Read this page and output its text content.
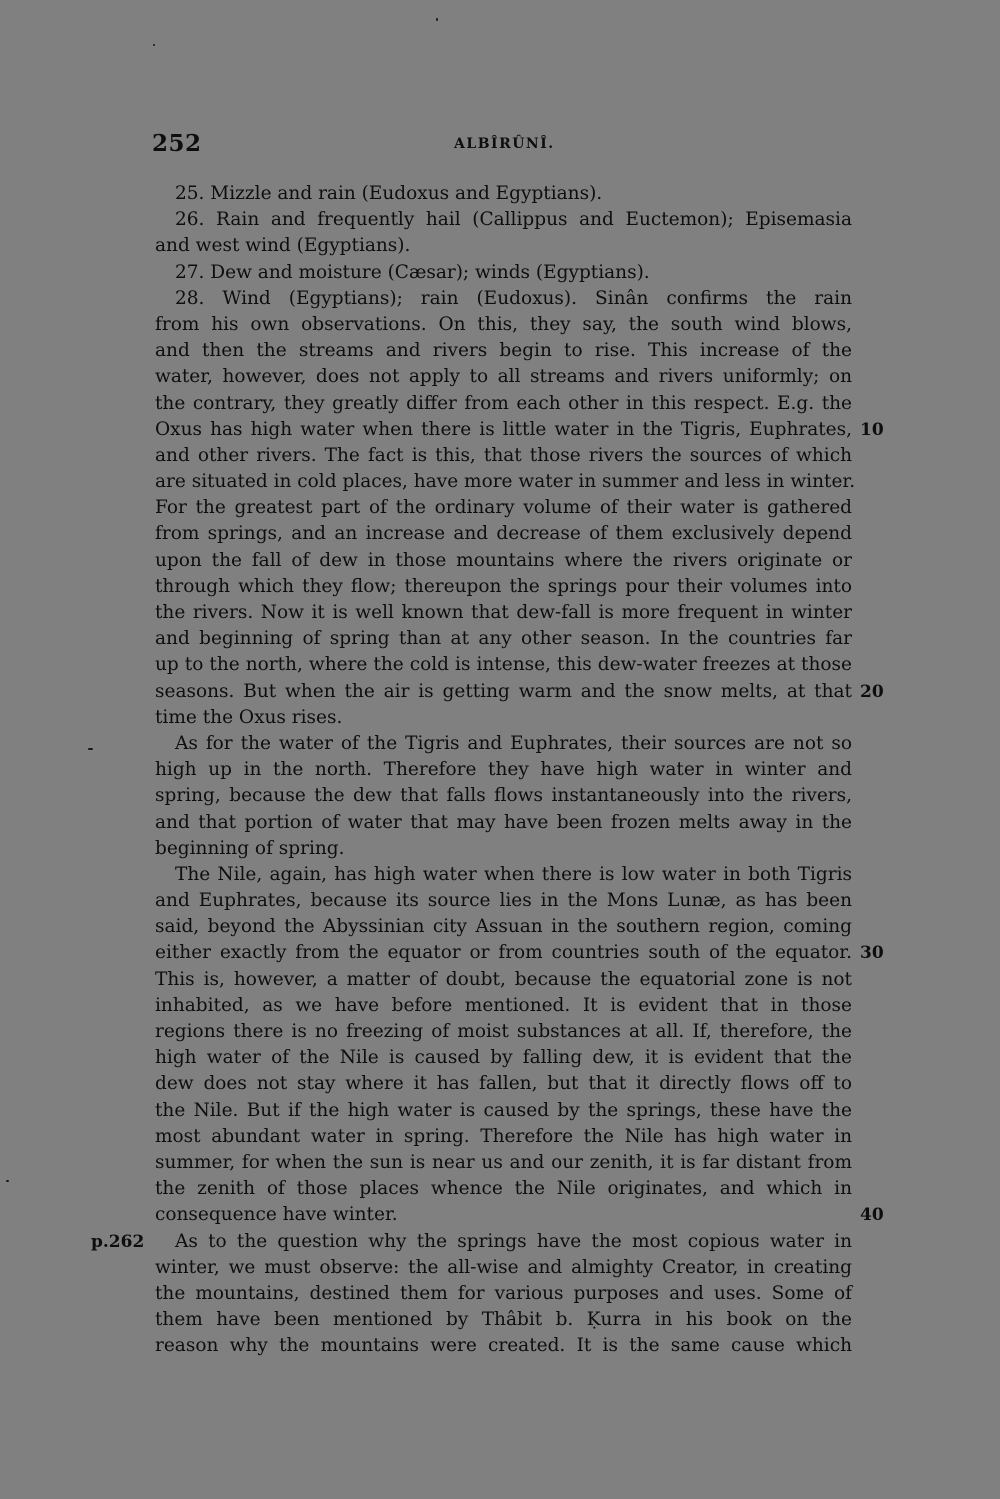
252	ALBÎRÛNÎ.
25. Mizzle and rain (Eudoxus and Egyptians).
26. Rain and frequently hail (Callippus and Euctemon); Episemasia
and west wind (Egyptians).
27. Dew and moisture (Cæsar); winds (Egyptians).
28. Wind (Egyptians); rain (Eudoxus). Sinân confirms the rain
from his own observations. On this, they say, the south wind blows,
and then the streams and rivers begin to rise. This increase of the
water, however, does not apply to all streams and rivers uniformly; on
the contrary, they greatly differ from each other in this respect. E.g. the
Oxus has high water when there is little water in the Tigris, Euphrates, 10
and other rivers. The fact is this, that those rivers the sources of which
are situated in cold places, have more water in summer and less in winter.
For the greatest part of the ordinary volume of their water is gathered
from springs, and an increase and decrease of them exclusively depend
upon the fall of dew in those mountains where the rivers originate or
through which they flow; thereupon the springs pour their volumes into
the rivers. Now it is well known that dew-fall is more frequent in winter
and beginning of spring than at any other season. In the countries far
up to the north, where the cold is intense, this dew-water freezes at those
seasons. But when the air is getting warm and the snow melts, at that 20
time the Oxus rises.
As for the water of the Tigris and Euphrates, their sources are not so
high up in the north. Therefore they have high water in winter and
spring, because the dew that falls flows instantaneously into the rivers,
and that portion of water that may have been frozen melts away in the
beginning of spring.
The Nile, again, has high water when there is low water in both Tigris
and Euphrates, because its source lies in the Mons Lunæ, as has been
said, beyond the Abyssinian city Assuan in the southern region, coming
either exactly from the equator or from countries south of the equator. 30
This is, however, a matter of doubt, because the equatorial zone is not
inhabited, as we have before mentioned. It is evident that in those
regions there is no freezing of moist substances at all. If, therefore, the
high water of the Nile is caused by falling dew, it is evident that the
dew does not stay where it has fallen, but that it directly flows off to
the Nile. But if the high water is caused by the springs, these have the
most abundant water in spring. Therefore the Nile has high water in
summer, for when the sun is near us and our zenith, it is far distant from
the zenith of those places whence the Nile originates, and which in
consequence have winter.	40
As to the question why the springs have the most copious water in
p.262
winter, we must observe: the all-wise and almighty Creator, in creating
the mountains, destined them for various purposes and uses. Some of
them have been mentioned by Thâbit b. Ḳurra in his book on the
reason why the mountains were created. It is the same cause which
